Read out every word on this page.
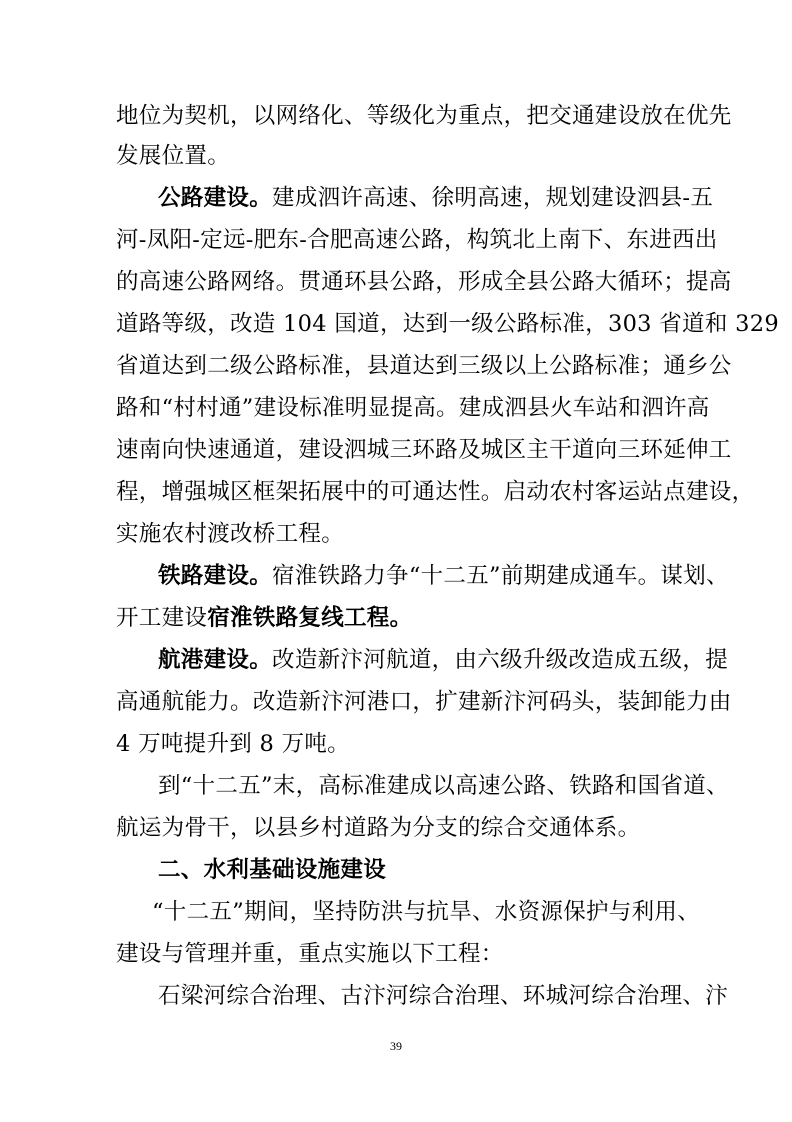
地位为契机，以网络化、等级化为重点，把交通建设放在优先
发展位置。
公路建设。建成泗许高速、徐明高速，规划建设泗县-五
河-凤阳-定远-肥东-合肥高速公路，构筑北上南下、东进西出
的高速公路网络。贯通环县公路，形成全县公路大循环；提高
道路等级，改造 104 国道，达到一级公路标准，303 省道和 329
省道达到二级公路标准，县道达到三级以上公路标准；通乡公
路和“村村通”建设标准明显提高。建成泗县火车站和泗许高
速南向快速通道，建设泗城三环路及城区主干道向三环延伸工
程，增强城区框架拓展中的可通达性。启动农村客运站点建设，
实施农村渡改桥工程。
铁路建设。宿淮铁路力争“十二五”前期建成通车。谋划、
开工建设宿淮铁路复线工程。
航港建设。改造新汴河航道，由六级升级改造成五级，提
高通航能力。改造新汴河港口，扩建新汴河码头，装卸能力由
4 万吨提升到 8 万吨。
到“十二五”末，高标准建成以高速公路、铁路和国省道、
航运为骨干，以县乡村道路为分支的综合交通体系。
二、水利基础设施建设
“十二五”期间，坚持防洪与抗旱、水资源保护与利用、
建设与管理并重，重点实施以下工程：
石梁河综合治理、古汴河综合治理、环城河综合治理、汴
39
